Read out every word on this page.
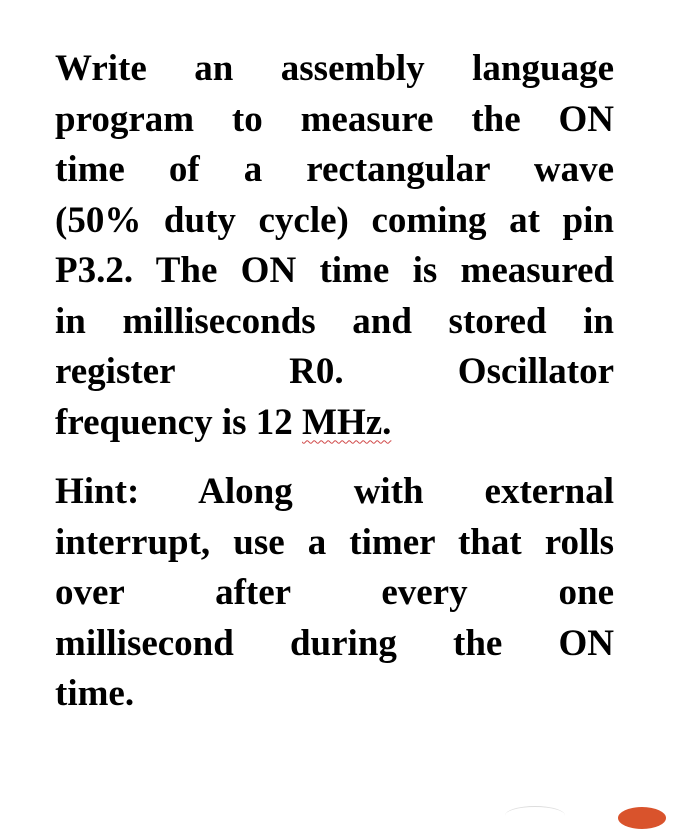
Write an assembly language
program to measure the ON
time of a rectangular wave
(50% duty cycle) coming at pin
P3.2. The ON time is measured
in milliseconds and stored in
register R0. Oscillator
frequency is 12 MHz.

Hint: Along with external
interrupt, use a timer that rolls
over after every one
millisecond during the ON
time.
